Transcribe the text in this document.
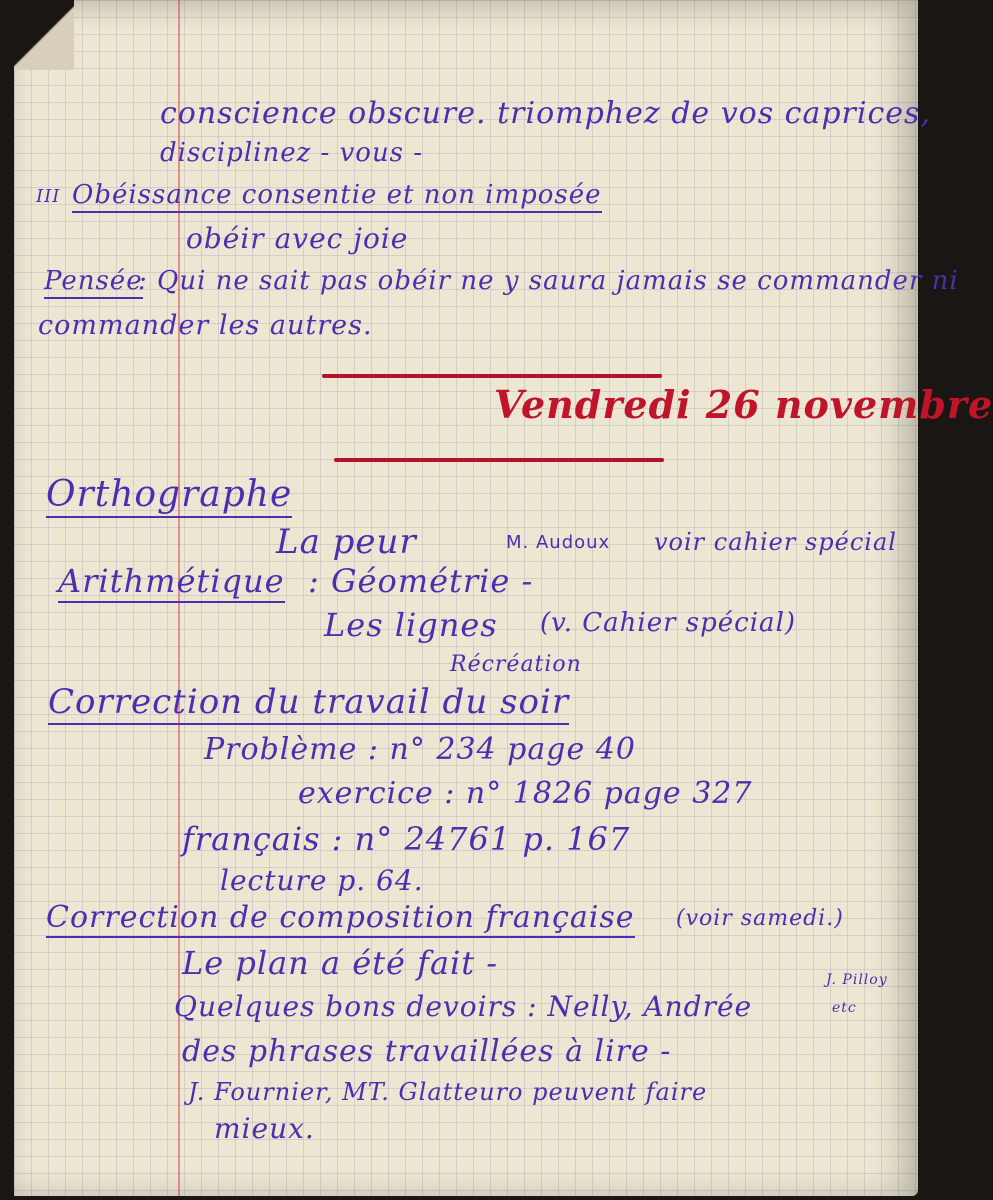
conscience obscure. triomphez de vos caprices,
disciplinez - vous -
III Obéissance consentie et non imposée
obéir avec joie
Pensée
: Qui ne sait pas obéir ne y saura jamais se commander ni
commander les autres.
Vendredi 26 novembre
Orthographe
La peur	M. Audoux voir cahier spécial
Arithmétique : Géométrie -
Les lignes (v. Cahier spécial)
Récréation
Correction du travail du soir
Problème : n° 234 page 40
exercice : n° 1826 page 327
français : n° 24761 p. 167
lecture p. 64.
Correction de composition française (voir samedi.)
Le plan a été fait -	J. Pilloy
Quelques bons devoirs : Nelly, Andrée	etc
des phrases travaillées à lire -
J. Fournier, MT. Glatteuro peuvent faire
mieux.
